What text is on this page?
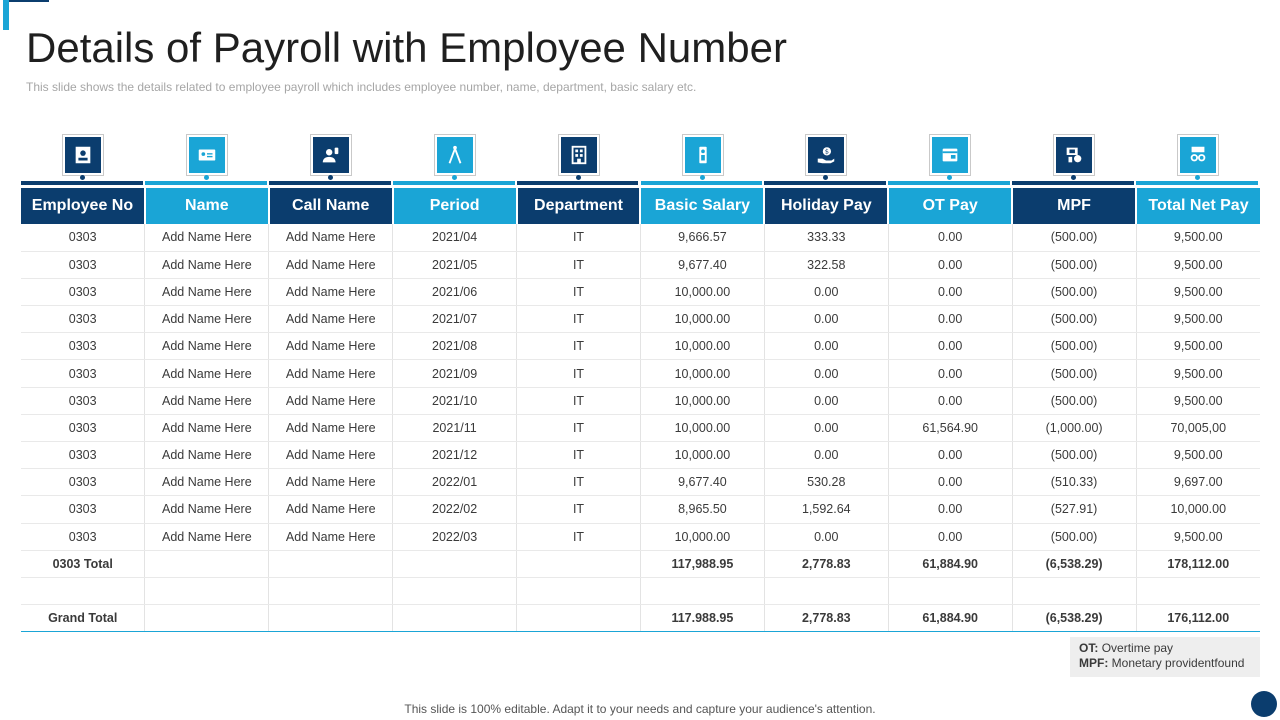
Details of Payroll with Employee Number

This slide shows the details related to employee payroll which includes employee number, name, department, basic salary etc.

$
Employee No	Name	Call Name	Period	Department	Basic Salary	Holiday Pay	OT Pay	MPF	Total Net Pay
0303	Add Name Here	Add Name Here	2021/04	IT	9,666.57	333.33	0.00	(500.00)	9,500.00
0303	Add Name Here	Add Name Here	2021/05	IT	9,677.40	322.58	0.00	(500.00)	9,500.00
0303	Add Name Here	Add Name Here	2021/06	IT	10,000.00	0.00	0.00	(500.00)	9,500.00
0303	Add Name Here	Add Name Here	2021/07	IT	10,000.00	0.00	0.00	(500.00)	9,500.00
0303	Add Name Here	Add Name Here	2021/08	IT	10,000.00	0.00	0.00	(500.00)	9,500.00
0303	Add Name Here	Add Name Here	2021/09	IT	10,000.00	0.00	0.00	(500.00)	9,500.00
0303	Add Name Here	Add Name Here	2021/10	IT	10,000.00	0.00	0.00	(500.00)	9,500.00
0303	Add Name Here	Add Name Here	2021/11	IT	10,000.00	0.00	61,564.90	(1,000.00)	70,005,00
0303	Add Name Here	Add Name Here	2021/12	IT	10,000.00	0.00	0.00	(500.00)	9,500.00
0303	Add Name Here	Add Name Here	2022/01	IT	9,677.40	530.28	0.00	(510.33)	9,697.00
0303	Add Name Here	Add Name Here	2022/02	IT	8,965.50	1,592.64	0.00	(527.91)	10,000.00
0303	Add Name Here	Add Name Here	2022/03	IT	10,000.00	0.00	0.00	(500.00)	9,500.00
0303 Total					117,988.95	2,778.83	61,884.90	(6,538.29)	178,112.00

Grand Total					117.988.95	2,778.83	61,884.90	(6,538.29)	176,112.00
OT: Overtime pay
MPF: Monetary providentfound
This slide is 100% editable. Adapt it to your needs and capture your audience's attention.
